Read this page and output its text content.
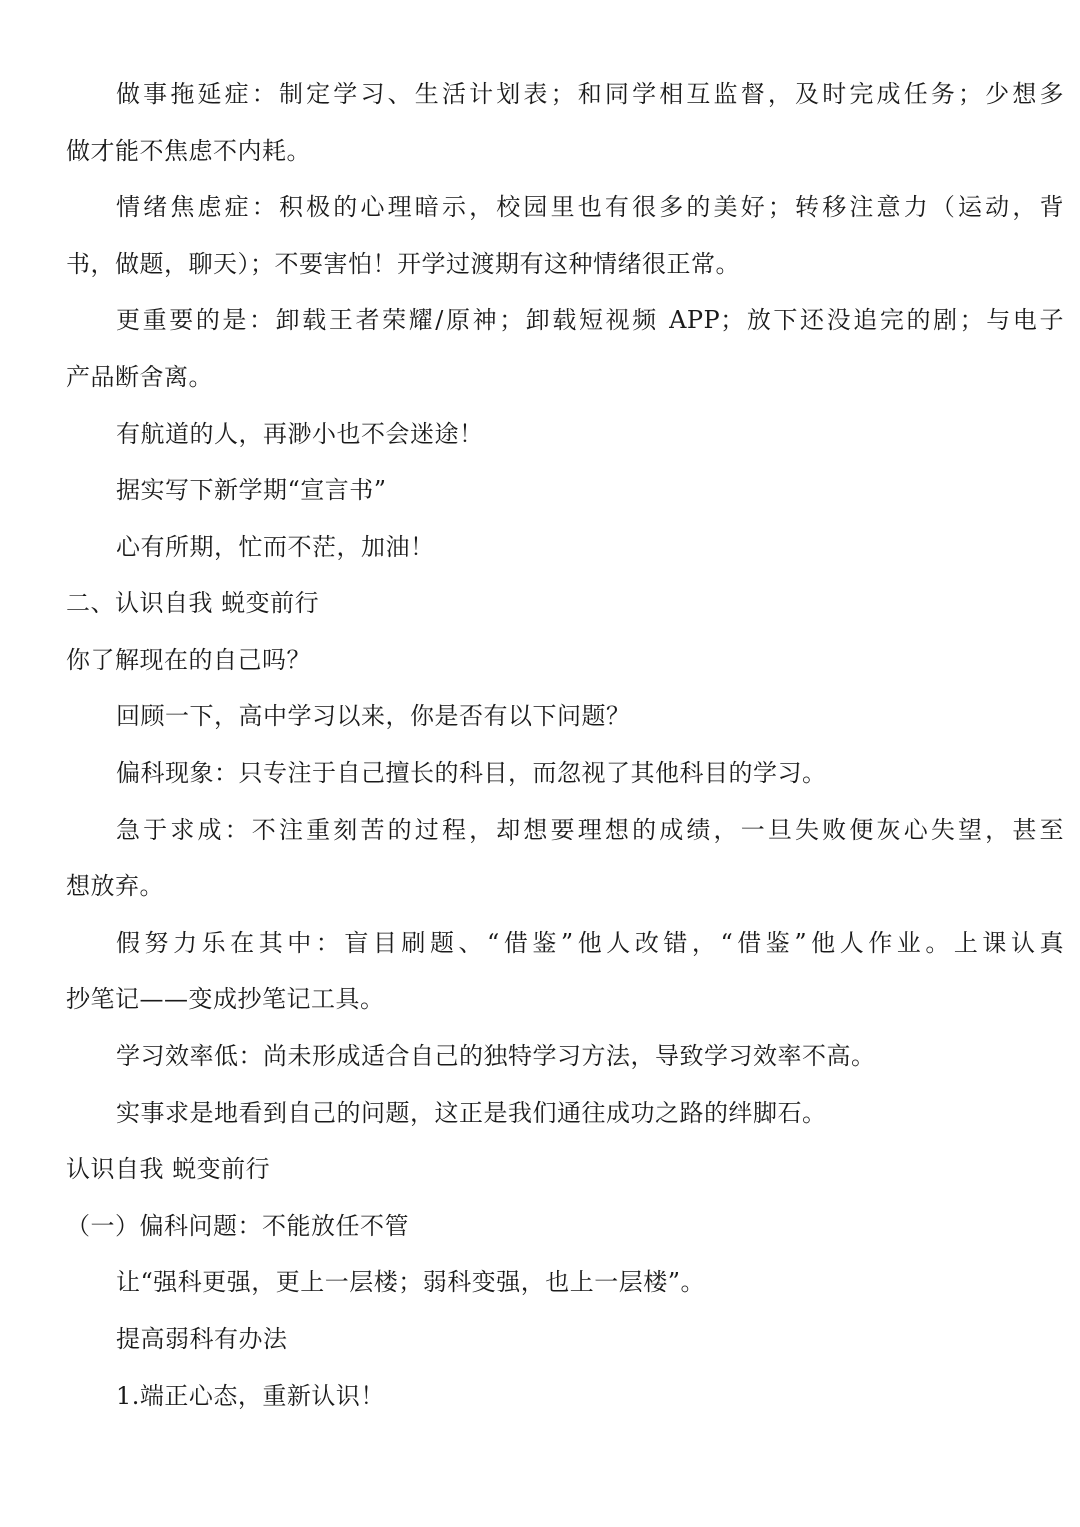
做事拖延症：制定学习、生活计划表；和同学相互监督，及时完成任务；少想多
做才能不焦虑不内耗。
情绪焦虑症：积极的心理暗示，校园里也有很多的美好；转移注意力（运动，背
书，做题，聊天）；不要害怕！开学过渡期有这种情绪很正常。
更重要的是：卸载王者荣耀/原神；卸载短视频 APP；放下还没追完的剧；与电子
产品断舍离。
有航道的人，再渺小也不会迷途！
据实写下新学期“宣言书”
心有所期，忙而不茫，加油！
二、认识自我 蜕变前行
你了解现在的自己吗？
回顾一下，高中学习以来，你是否有以下问题？
偏科现象：只专注于自己擅长的科目，而忽视了其他科目的学习。
急于求成：不注重刻苦的过程，却想要理想的成绩，一旦失败便灰心失望，甚至
想放弃。
假努力乐在其中：盲目刷题、“借鉴”他人改错，“借鉴”他人作业。上课认真
抄笔记——变成抄笔记工具。
学习效率低：尚未形成适合自己的独特学习方法，导致学习效率不高。
实事求是地看到自己的问题，这正是我们通往成功之路的绊脚石。
认识自我 蜕变前行
（一）偏科问题：不能放任不管
让“强科更强，更上一层楼；弱科变强，也上一层楼”。
提高弱科有办法
1.端正心态，重新认识！
